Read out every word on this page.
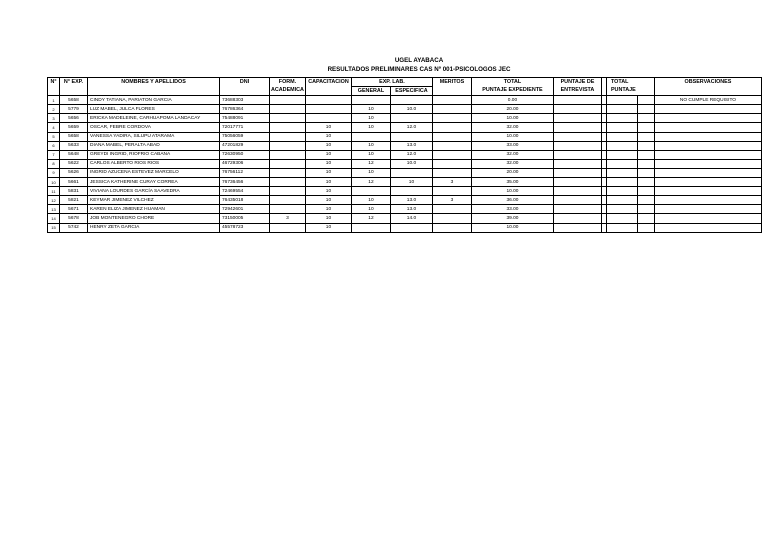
UGEL AYABACA
RESULTADOS PRELIMINARES CAS Nº 001-PSICOLOGOS JEC
N°	N° EXP.	NOMBRES Y APELLIDOS	DNI	FORM.	CAPACITACION	EXP. LAB.		MERITOS	TOTAL	PUNTAJE DE		TOTAL		OBSERVACIONES
				ACADEMICA		GENERAL	ESPECIFICA		PUNTAJE EXPEDIENTE	ENTREVISTA		PUNTAJE		
1	5658	CINDY TATIANA, PARIATON GARCIA	73688303						0.00					NO CUMPLE REQUISITO
2	5779	LUZ MABEL, JULCA FLORES	76786364			10	10.0		20.00					
3	5656	ERICKA MADELEINE, CARHUAPOMA LANDACAY	75488091			10			10.00					
4	5659	OSCAR, FEBRE CORDOVA	72017771		10	10	12.0		32.00					
5	5658	VANESSA YADIRA, SILUPU ATARAMA	75056059		10				10.00					
6	5633	DIANA MABEL, PERALTA ABAD	47201829		10	10	13.0		33.00					
7	5648	GREYDI INGRID, RIOFRIO CABANA	72630950		10	10	12.0		32.00					
8	5622	CARLOS ALBERTO RIOS RIOS	46729306		10	12	10.0		32.00					
9	5626	INGRID AZUCENA ESTEVEZ MARCELO	76756112		10	10			20.00					
10	5661	JESSICA KATHERINE CURAY CORREA	76736456		10	12	10	3	35.00					
11	5831	VIVIANA LOURDES GARCÍA SAAVEDRA	72469554		10				10.00					
12	5821	KEYMAR JIMENEZ VILCHEZ	76435018		10	10	13.0	3	36.00					
13	5671	KAREN ELIZA JIMENEZ HUAMAN	72942601		10	10	13.0		33.00					
14	5678	JOB MONTENEGRO CHORE	73150005	3	10	12	14.0		39.00					
15	5742	HENRY ZETA GARCIA	45578723		10				10.00					
